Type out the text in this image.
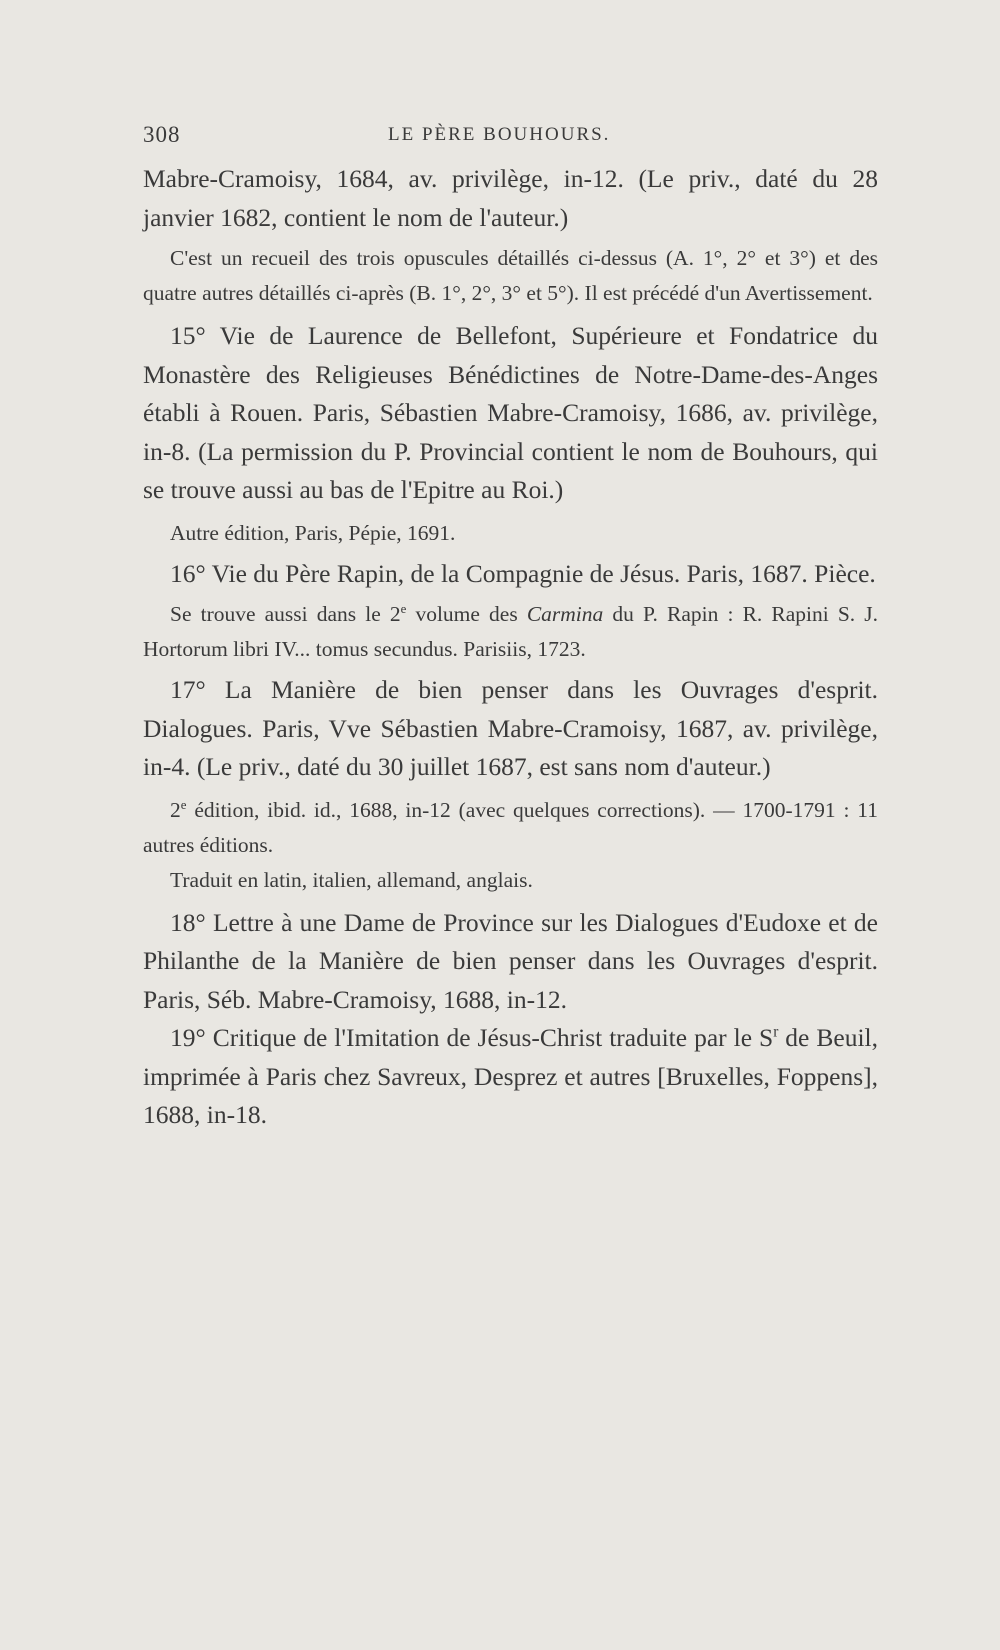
308	LE PÈRE BOUHOURS.

Mabre-Cramoisy, 1684, av. privilège, in-12. (Le priv., daté du 28 janvier 1682, contient le nom de l'auteur.)

C'est un recueil des trois opuscules détaillés ci-dessus (A. 1°, 2° et 3°) et des quatre autres détaillés ci-après (B. 1°, 2°, 3° et 5°). Il est précédé d'un Avertissement.

15° Vie de Laurence de Bellefont, Supérieure et Fondatrice du Monastère des Religieuses Bénédictines de Notre-Dame-des-Anges établi à Rouen. Paris, Sébastien Mabre-Cramoisy, 1686, av. privilège, in-8. (La permission du P. Provincial contient le nom de Bouhours, qui se trouve aussi au bas de l'Epitre au Roi.)

Autre édition, Paris, Pépie, 1691.

16° Vie du Père Rapin, de la Compagnie de Jésus. Paris, 1687. Pièce.

Se trouve aussi dans le 2e volume des Carmina du P. Rapin : R. Rapini S. J. Hortorum libri IV... tomus secundus. Parisiis, 1723.

17° La Manière de bien penser dans les Ouvrages d'esprit. Dialogues. Paris, Vve Sébastien Mabre-Cramoisy, 1687, av. privilège, in-4. (Le priv., daté du 30 juillet 1687, est sans nom d'auteur.)

2e édition, ibid. id., 1688, in-12 (avec quelques corrections). — 1700-1791 : 11 autres éditions.

Traduit en latin, italien, allemand, anglais.

18° Lettre à une Dame de Province sur les Dialogues d'Eudoxe et de Philanthe de la Manière de bien penser dans les Ouvrages d'esprit. Paris, Séb. Mabre-Cramoisy, 1688, in-12.

19° Critique de l'Imitation de Jésus-Christ traduite par le $S^r$ de Beuil, imprimée à Paris chez Savreux, Desprez et autres [Bruxelles, Foppens], 1688, in-18.
